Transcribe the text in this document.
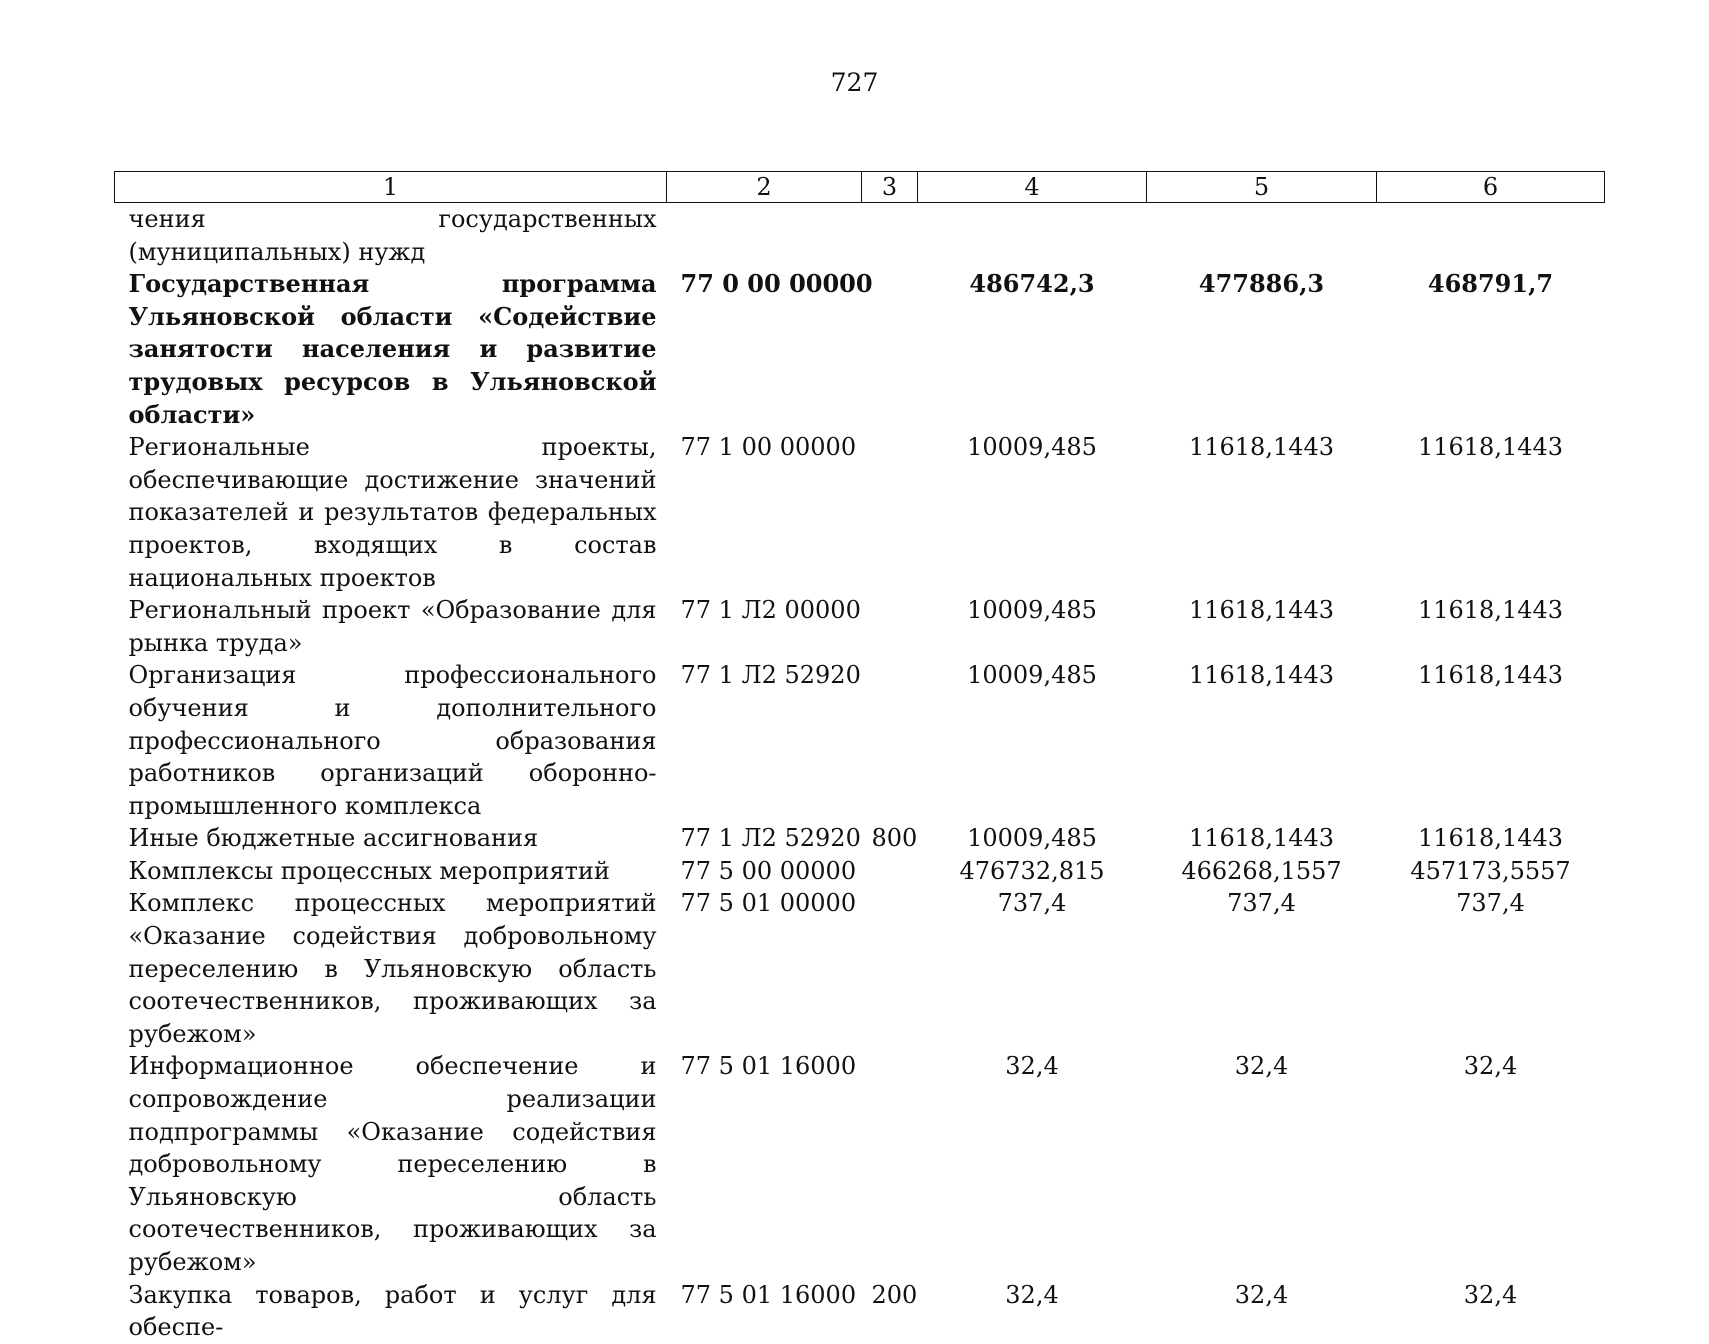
727
1	2	3	4	5	6
чения государственных (муниципальных) нужд					
Государственная программа Ульяновской области «Содействие занятости населения и развитие трудовых ресурсов в Ульяновской области»	77 0 00 00000		486742,3	477886,3	468791,7
Региональные проекты, обеспечивающие достижение значений показателей и результатов федеральных проектов, входящих в состав национальных проектов	77 1 00 00000		10009,485	11618,1443	11618,1443
Региональный проект «Образование для рынка труда»	77 1 Л2 00000		10009,485	11618,1443	11618,1443
Организация профессионального обучения и дополнительного профессионального образования работников организаций оборонно-промышленного комплекса	77 1 Л2 52920		10009,485	11618,1443	11618,1443
Иные бюджетные ассигнования	77 1 Л2 52920	800	10009,485	11618,1443	11618,1443
Комплексы процессных мероприятий	77 5 00 00000		476732,815	466268,1557	457173,5557
Комплекс процессных мероприятий «Оказание содействия добровольному переселению в Ульяновскую область соотечественников, проживающих за рубежом»	77 5 01 00000		737,4	737,4	737,4
Информационное обеспечение и сопровождение реализации подпрограммы «Оказание содействия добровольному переселению в Ульяновскую область соотечественников, проживающих за рубежом»	77 5 01 16000		32,4	32,4	32,4
Закупка товаров, работ и услуг для обеспе-	77 5 01 16000	200	32,4	32,4	32,4
